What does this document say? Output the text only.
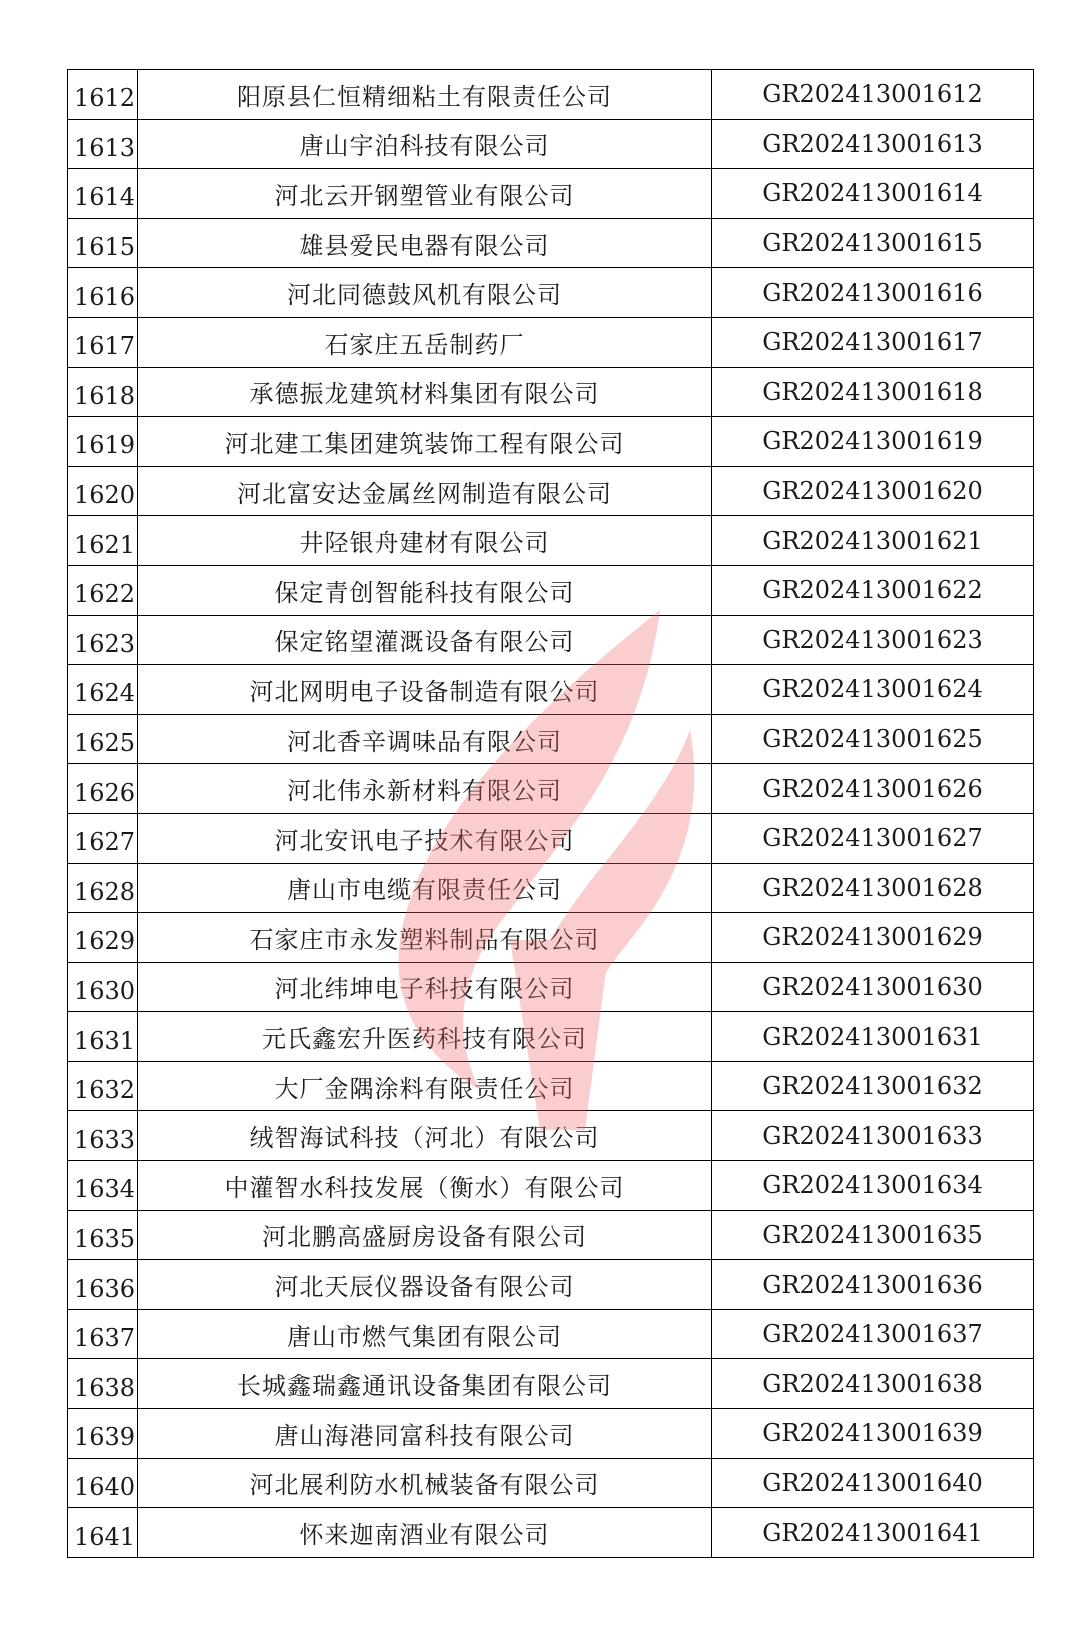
1612	阳原县仁恒精细粘土有限责任公司	GR202413001612
1613	唐山宇泊科技有限公司	GR202413001613
1614	河北云开钢塑管业有限公司	GR202413001614
1615	雄县爱民电器有限公司	GR202413001615
1616	河北同德鼓风机有限公司	GR202413001616
1617	石家庄五岳制药厂	GR202413001617
1618	承德振龙建筑材料集团有限公司	GR202413001618
1619	河北建工集团建筑装饰工程有限公司	GR202413001619
1620	河北富安达金属丝网制造有限公司	GR202413001620
1621	井陉银舟建材有限公司	GR202413001621
1622	保定青创智能科技有限公司	GR202413001622
1623	保定铭望灌溉设备有限公司	GR202413001623
1624	河北网明电子设备制造有限公司	GR202413001624
1625	河北香辛调味品有限公司	GR202413001625
1626	河北伟永新材料有限公司	GR202413001626
1627	河北安讯电子技术有限公司	GR202413001627
1628	唐山市电缆有限责任公司	GR202413001628
1629	石家庄市永发塑料制品有限公司	GR202413001629
1630	河北纬坤电子科技有限公司	GR202413001630
1631	元氏鑫宏升医药科技有限公司	GR202413001631
1632	大厂金隅涂料有限责任公司	GR202413001632
1633	绒智海试科技（河北）有限公司	GR202413001633
1634	中灌智水科技发展（衡水）有限公司	GR202413001634
1635	河北鹏高盛厨房设备有限公司	GR202413001635
1636	河北天辰仪器设备有限公司	GR202413001636
1637	唐山市燃气集团有限公司	GR202413001637
1638	长城鑫瑞鑫通讯设备集团有限公司	GR202413001638
1639	唐山海港同富科技有限公司	GR202413001639
1640	河北展利防水机械装备有限公司	GR202413001640
1641	怀来迦南酒业有限公司	GR202413001641
